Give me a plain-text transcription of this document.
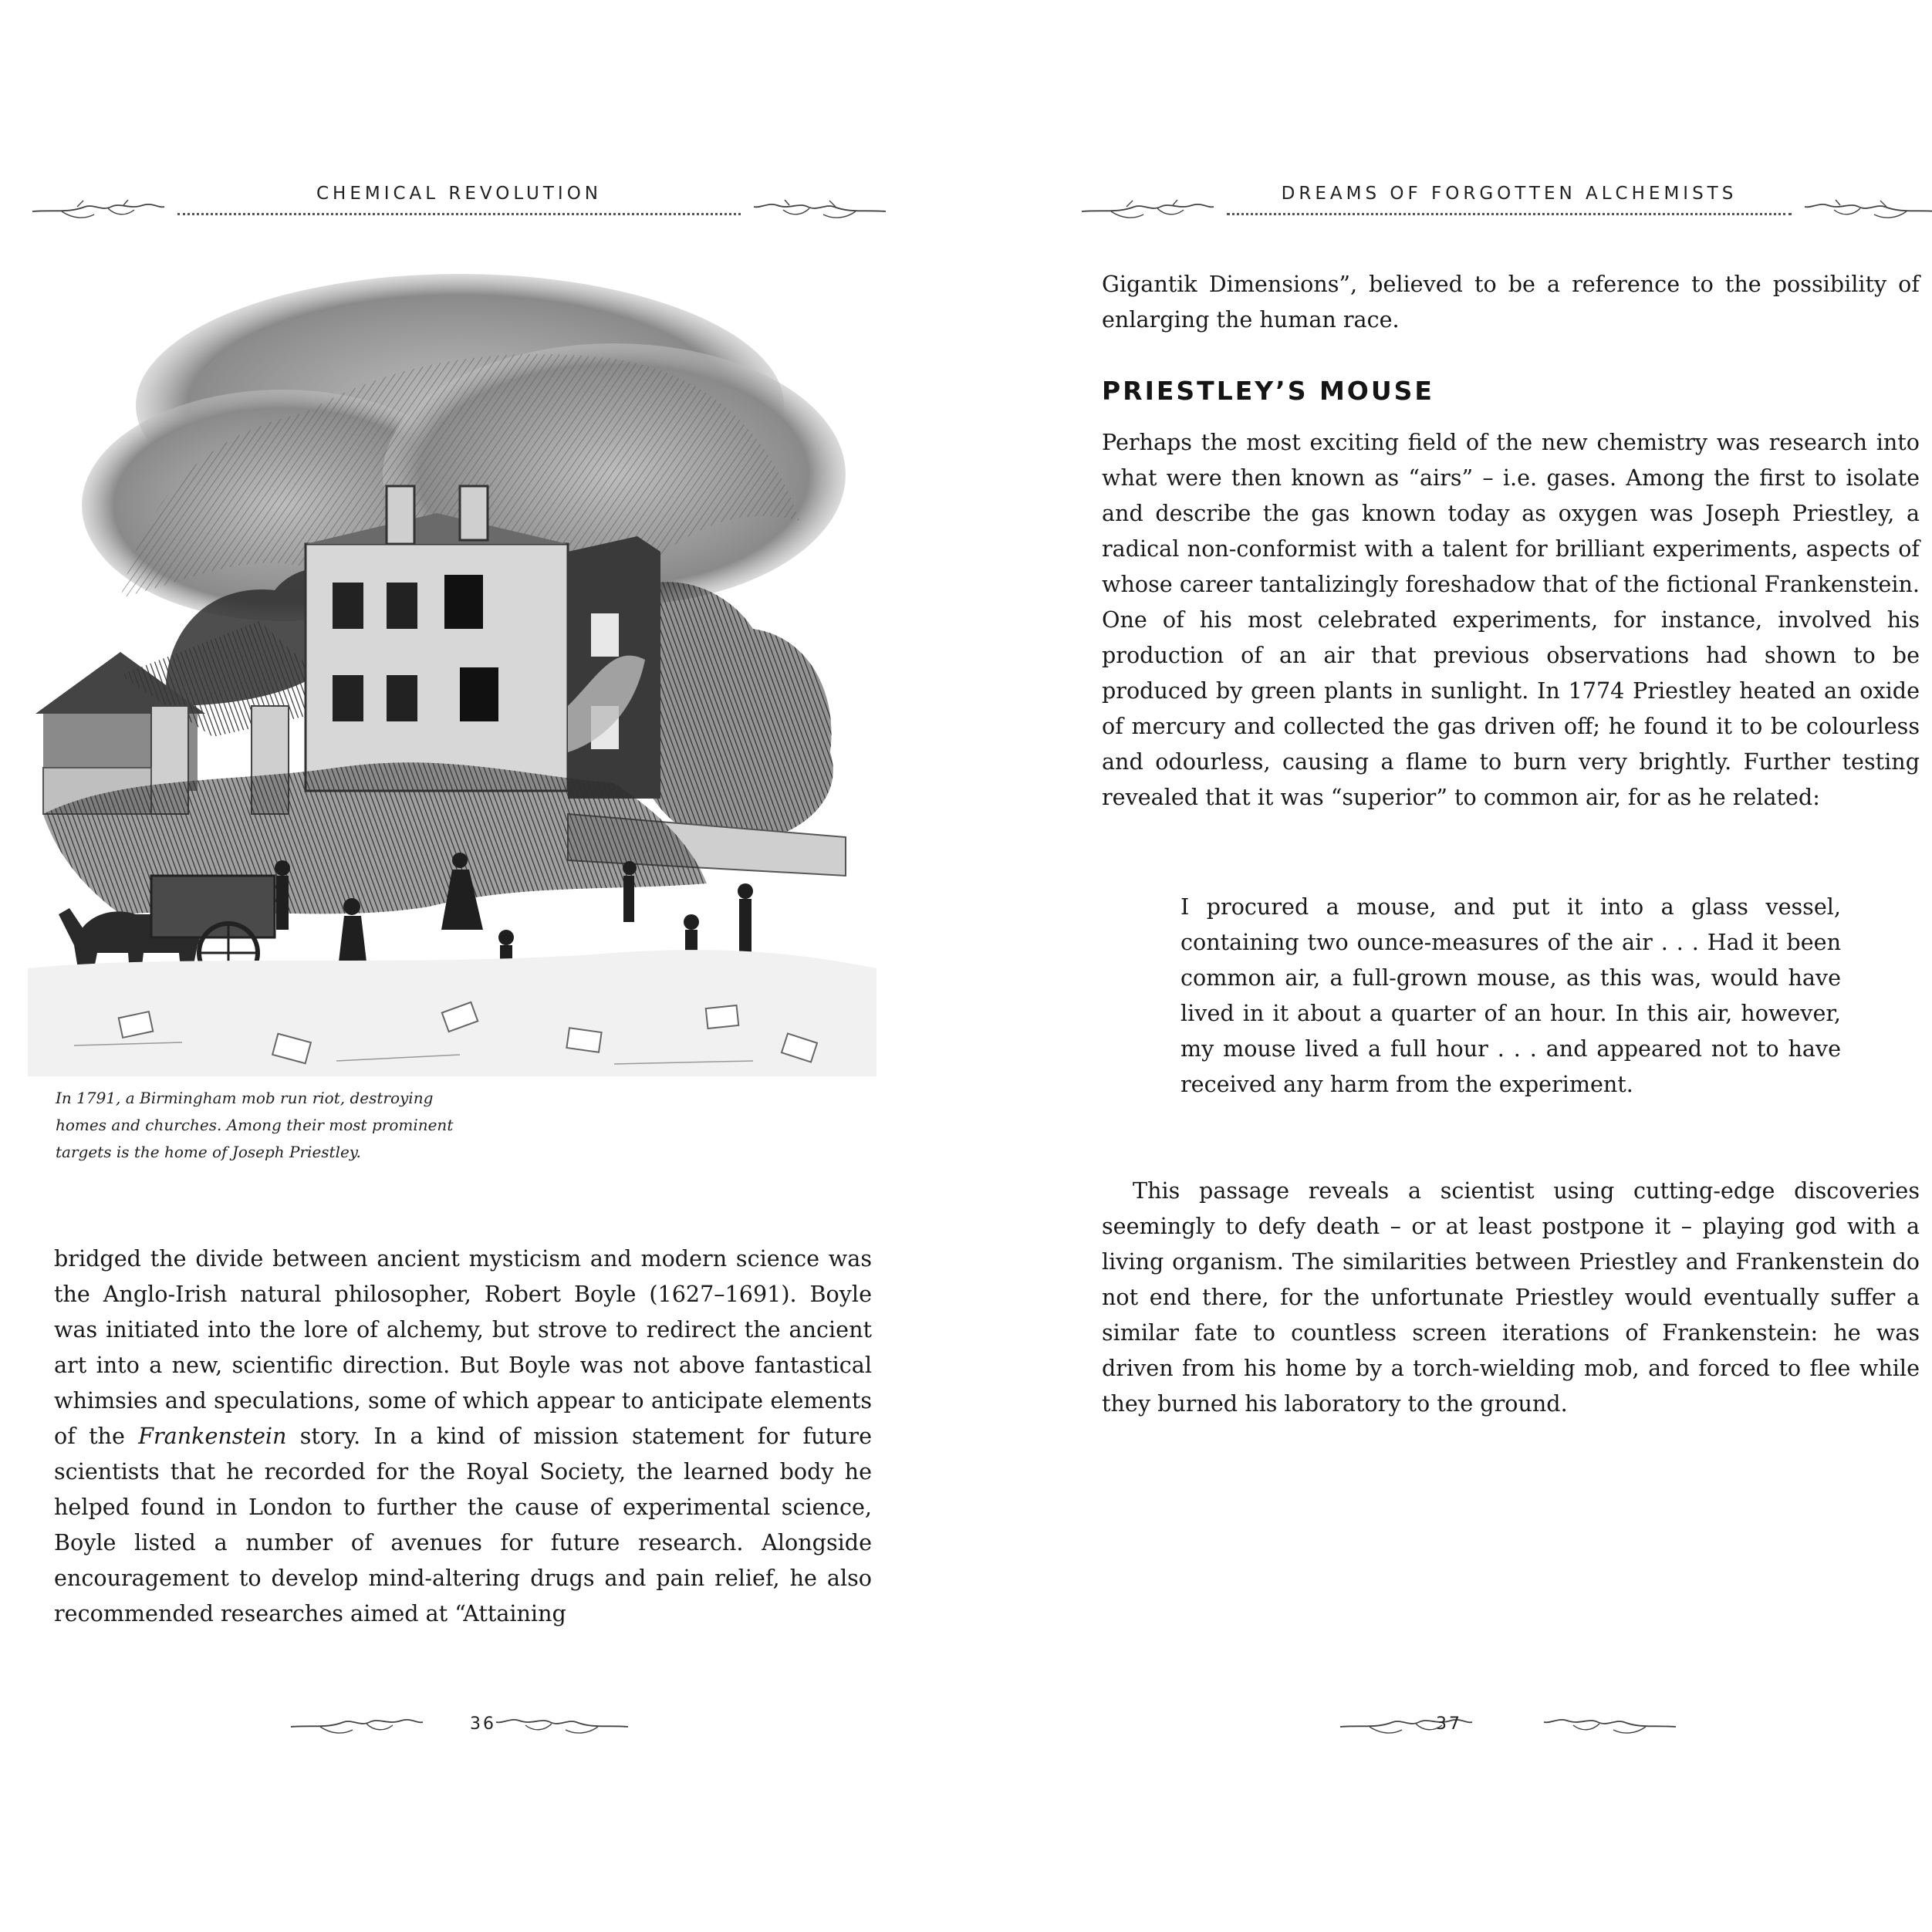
CHEMICAL REVOLUTION
In 1791, a Birmingham mob run riot, destroying homes and churches. Among their most prominent targets is the home of Joseph Priestley.

bridged the divide between ancient mysticism and modern science was the Anglo-Irish natural philosopher, Robert Boyle (1627–1691). Boyle was initiated into the lore of alchemy, but strove to redirect the ancient art into a new, scientific direction. But Boyle was not above fantastical whimsies and speculations, some of which appear to anticipate elements of the Frankenstein story. In a kind of mission statement for future scientists that he recorded for the Royal Society, the learned body he helped found in London to further the cause of experimental science, Boyle listed a number of avenues for future research. Alongside encouragement to develop mind-altering drugs and pain relief, he also recommended researches aimed at “Attaining

36
DREAMS OF FORGOTTEN ALCHEMISTS

Gigantik Dimensions”, believed to be a reference to the possibility of enlarging the human race.

PRIESTLEY’S MOUSE

Perhaps the most exciting field of the new chemistry was research into what were then known as “airs” – i.e. gases. Among the first to isolate and describe the gas known today as oxygen was Joseph Priestley, a radical non-conformist with a talent for brilliant experiments, aspects of whose career tantalizingly foreshadow that of the fictional Frankenstein. One of his most celebrated experiments, for instance, involved his production of an air that previous observations had shown to be produced by green plants in sunlight. In 1774 Priestley heated an oxide of mercury and collected the gas driven off; he found it to be colourless and odourless, causing a flame to burn very brightly. Further testing revealed that it was “superior” to common air, for as he related:

I procured a mouse, and put it into a glass vessel, containing two ounce-measures of the air . . . Had it been common air, a full-grown mouse, as this was, would have lived in it about a quarter of an hour. In this air, however, my mouse lived a full hour . . . and appeared not to have received any harm from the experiment.

This passage reveals a scientist using cutting-edge discoveries seemingly to defy death – or at least postpone it – playing god with a living organism. The similarities between Priestley and Frankenstein do not end there, for the unfortunate Priestley would eventually suffer a similar fate to countless screen iterations of Frankenstein: he was driven from his home by a torch-wielding mob, and forced to flee while they burned his laboratory to the ground.

37
